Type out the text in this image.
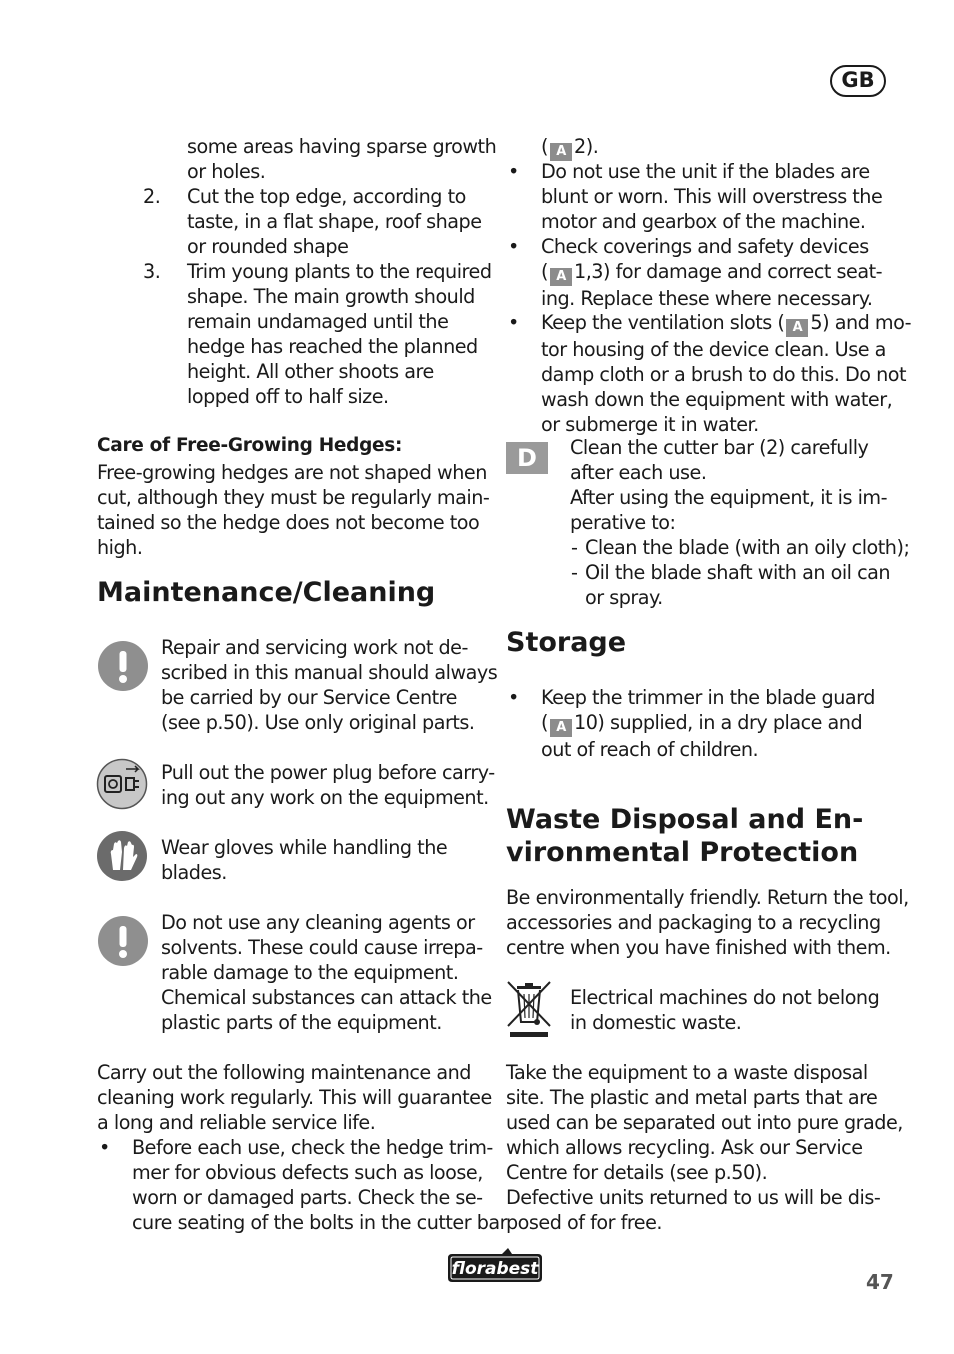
GB
some areas having sparse growth
or holes.
2. Cut the top edge, according to
taste, in a flat shape, roof shape
or rounded shape
3. Trim young plants to the required
shape. The main growth should
remain undamaged until the
hedge has reached the planned
height. All other shoots are
lopped off to half size.
Care of Free-Growing Hedges:
Free-growing hedges are not shaped when
cut, although they must be regularly main-
tained so the hedge does not become too
high.
Maintenance/Cleaning
Repair and servicing work not de-
scribed in this manual should always
be carried by our Service Centre
(see p.50). Use only original parts.
Pull out the power plug before carry-
ing out any work on the equipment.
Wear gloves while handling the
blades.
Do not use any cleaning agents or
solvents. These could cause irrepa-
rable damage to the equipment.
Chemical substances can attack the
plastic parts of the equipment.
Carry out the following maintenance and
cleaning work regularly. This will guarantee
a long and reliable service life.
• Before each use, check the hedge trim-
mer for obvious defects such as loose,
worn or damaged parts. Check the se-
cure seating of the bolts in the cutter bar
( A 2).
• Do not use the unit if the blades are
blunt or worn. This will overstress the
motor and gearbox of the machine.
• Check coverings and safety devices
( A 1,3) for damage and correct seat-
ing. Replace these where necessary.
• Keep the ventilation slots ( A 5) and mo-
tor housing of the device clean. Use a
damp cloth or a brush to do this. Do not
wash down the equipment with water,
or submerge it in water.
D	Clean the cutter bar (2) carefully
after each use.
After using the equipment, it is im-
perative to:
- Clean the blade (with an oily cloth);
- Oil the blade shaft with an oil can
or spray.
Storage
• Keep the trimmer in the blade guard
( A 10) supplied, in a dry place and
out of reach of children.
Waste Disposal and En-
vironmental Protection
Be environmentally friendly. Return the tool,
accessories and packaging to a recycling
centre when you have finished with them.
Electrical machines do not belong
in domestic waste.
Take the equipment to a waste disposal
site. The plastic and metal parts that are
used can be separated out into pure grade,
which allows recycling. Ask our Service
Centre for details (see p.50).
Defective units returned to us will be dis-
posed of for free.
florabest
47
